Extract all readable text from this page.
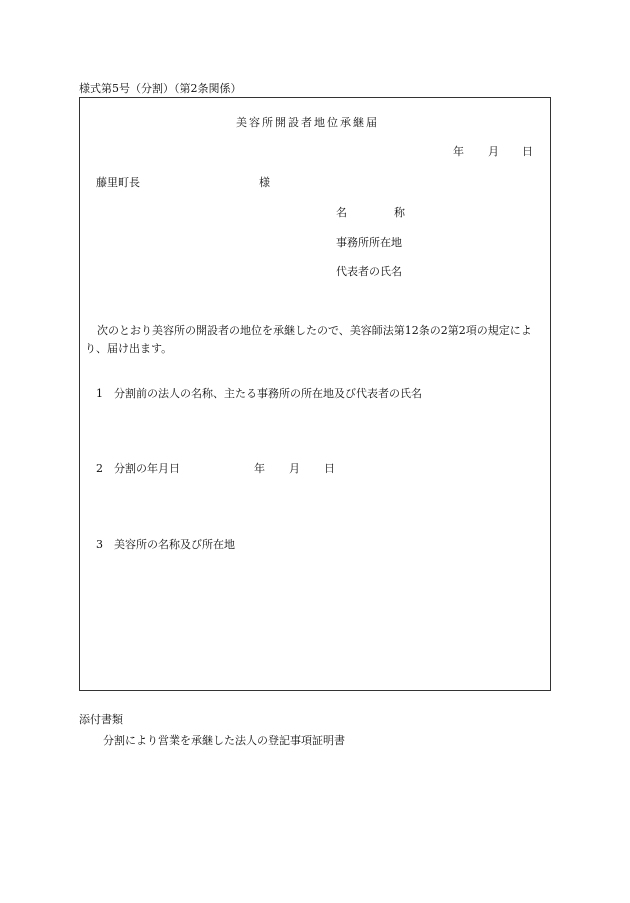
様式第5号（分割）（第2条関係）
美容所開設者地位承継届
年 月 日
藤里町長	様
名	称
事務所所在地
代表者の氏名
次のとおり美容所の開設者の地位を承継したので、美容師法第12条の2第2項の規定により、届け出ます。
1 分割前の法人の名称、主たる事務所の所在地及び代表者の氏名
2 分割の年月日	年 月 日
3 美容所の名称及び所在地
添付書類
分割により営業を承継した法人の登記事項証明書
